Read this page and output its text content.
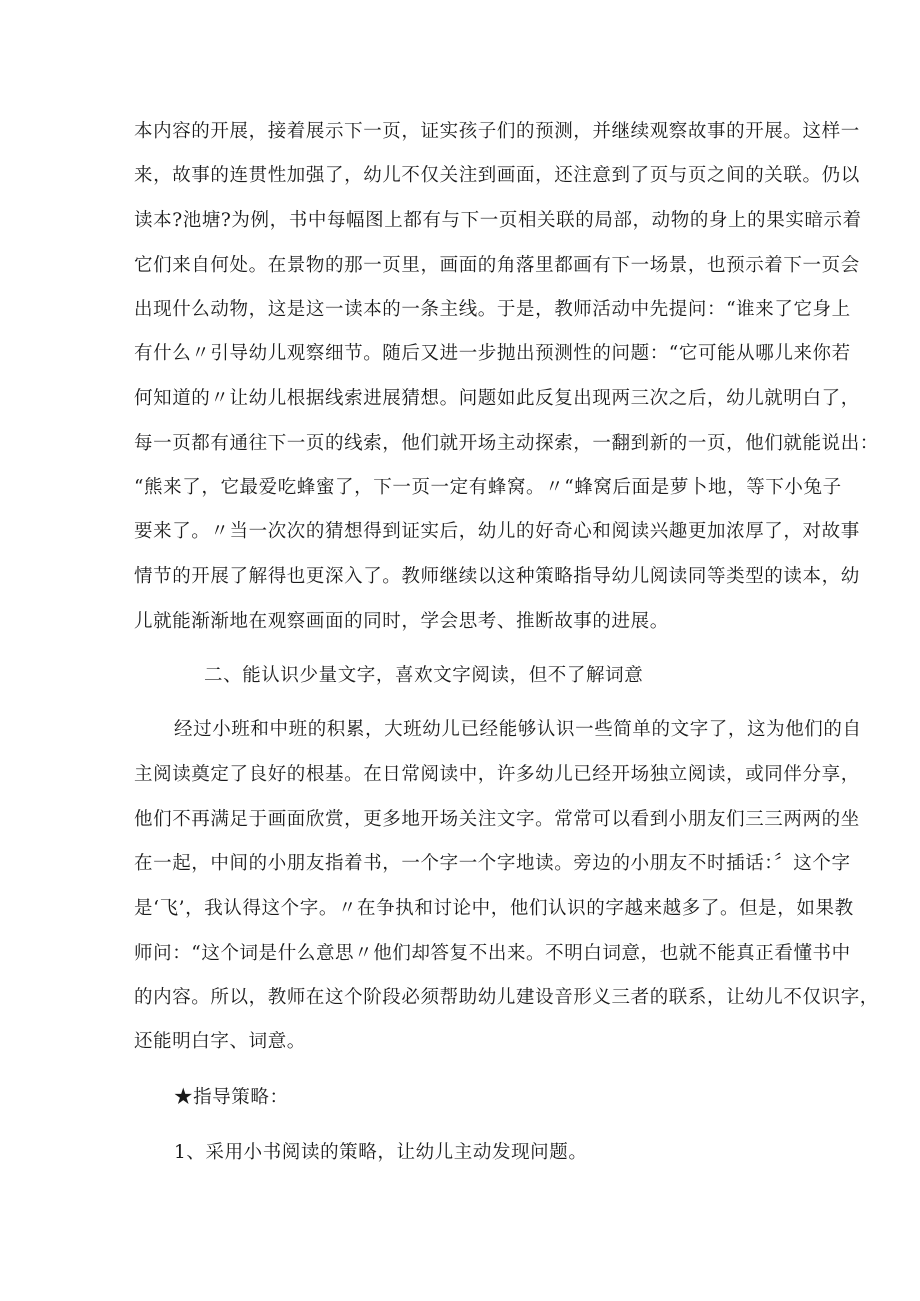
本内容的开展，接着展示下一页，证实孩子们的预测，并继续观察故事的开展。这样一
来，故事的连贯性加强了，幼儿不仅关注到画面，还注意到了页与页之间的关联。仍以
读本?池塘?为例，书中每幅图上都有与下一页相关联的局部，动物的身上的果实暗示着
它们来自何处。在景物的那一页里，画面的角落里都画有下一场景，也预示着下一页会
出现什么动物，这是这一读本的一条主线。于是，教师活动中先提问：“谁来了它身上
有什么〃引导幼儿观察细节。随后又进一步抛出预测性的问题：“它可能从哪儿来你若
何知道的〃让幼儿根据线索进展猜想。问题如此反复出现两三次之后，幼儿就明白了，
每一页都有通往下一页的线索，他们就开场主动探索，一翻到新的一页，他们就能说出：
“熊来了，它最爱吃蜂蜜了，下一页一定有蜂窝。〃“蜂窝后面是萝卜地，等下小兔子
要来了。〃当一次次的猜想得到证实后，幼儿的好奇心和阅读兴趣更加浓厚了，对故事
情节的开展了解得也更深入了。教师继续以这种策略指导幼儿阅读同等类型的读本，幼
儿就能渐渐地在观察画面的同时，学会思考、推断故事的进展。
二、能认识少量文字，喜欢文字阅读，但不了解词意
经过小班和中班的积累，大班幼儿已经能够认识一些简单的文字了，这为他们的自
主阅读奠定了良好的根基。在日常阅读中，许多幼儿已经开场独立阅读，或同伴分享，
他们不再满足于画面欣赏，更多地开场关注文字。常常可以看到小朋友们三三两两的坐
在一起，中间的小朋友指着书，一个字一个字地读。旁边的小朋友不时插话：〞这个字
是‘飞’，我认得这个字。〃在争执和讨论中，他们认识的字越来越多了。但是，如果教
师问：“这个词是什么意思〃他们却答复不出来。不明白词意，也就不能真正看懂书中
的内容。所以，教师在这个阶段必须帮助幼儿建设音形义三者的联系，让幼儿不仅识字，
还能明白字、词意。
★指导策略：
1、采用小书阅读的策略，让幼儿主动发现问题。
